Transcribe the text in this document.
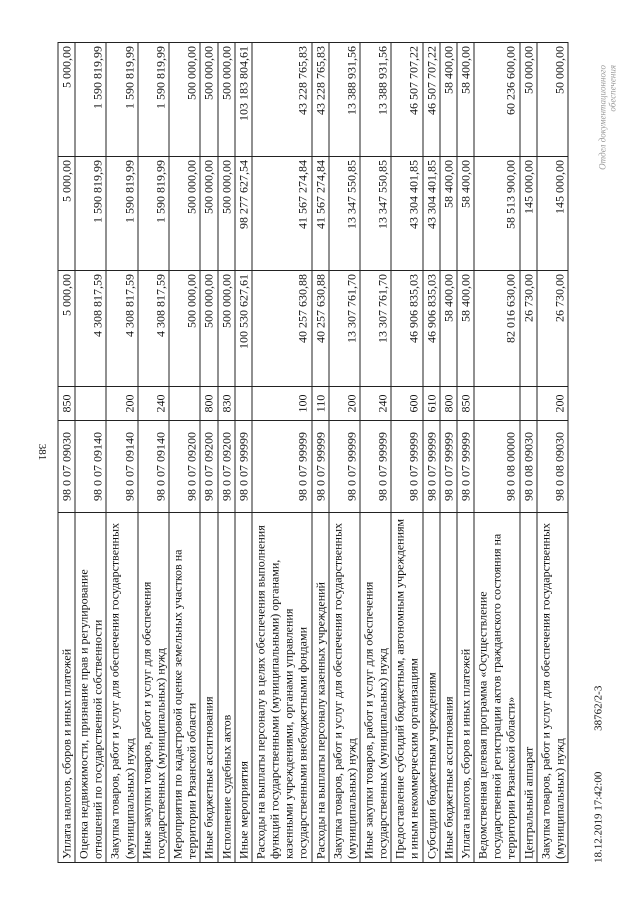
381
Уплата налогов, сборов и иных платежей	98 0 07 09030	850	5 000,00	5 000,00	5 000,00
Оценка недвижимости, признание прав и регулирование отношений по государственной собственности	98 0 07 09140		4 308 817,59	1 590 819,99	1 590 819,99
Закупка товаров, работ и услуг для обеспечения государственных (муниципальных) нужд	98 0 07 09140	200	4 308 817,59	1 590 819,99	1 590 819,99
Иные закупки товаров, работ и услуг для обеспечения государственных (муниципальных) нужд	98 0 07 09140	240	4 308 817,59	1 590 819,99	1 590 819,99
Мероприятия по кадастровой оценке земельных участков на территории Рязанской области	98 0 07 09200		500 000,00	500 000,00	500 000,00
Иные бюджетные ассигнования	98 0 07 09200	800	500 000,00	500 000,00	500 000,00
Исполнение судебных актов	98 0 07 09200	830	500 000,00	500 000,00	500 000,00
Иные мероприятия	98 0 07 99999		100 530 627,61	98 277 627,54	103 183 804,61
Расходы на выплаты персоналу в целях обеспечения выполнения функций государственными (муниципальными) органами, казенными учреждениями, органами управления государственными внебюджетными фондами	98 0 07 99999	100	40 257 630,88	41 567 274,84	43 228 765,83
Расходы на выплаты персоналу казенных учреждений	98 0 07 99999	110	40 257 630,88	41 567 274,84	43 228 765,83
Закупка товаров, работ и услуг для обеспечения государственных (муниципальных) нужд	98 0 07 99999	200	13 307 761,70	13 347 550,85	13 388 931,56
Иные закупки товаров, работ и услуг для обеспечения государственных (муниципальных) нужд	98 0 07 99999	240	13 307 761,70	13 347 550,85	13 388 931,56
Предоставление субсидий бюджетным, автономным учреждениям и иным некоммерческим организациям	98 0 07 99999	600	46 906 835,03	43 304 401,85	46 507 707,22
Субсидии бюджетным учреждениям	98 0 07 99999	610	46 906 835,03	43 304 401,85	46 507 707,22
Иные бюджетные ассигнования	98 0 07 99999	800	58 400,00	58 400,00	58 400,00
Уплата налогов, сборов и иных платежей	98 0 07 99999	850	58 400,00	58 400,00	58 400,00
Ведомственная целевая программа «Осуществление государственной регистрации актов гражданского состояния на территории Рязанской области»	98 0 08 00000		82 016 630,00	58 513 900,00	60 236 600,00
Центральный аппарат	98 0 08 09030		26 730,00	145 000,00	50 000,00
Закупка товаров, работ и услуг для обеспечения государственных (муниципальных) нужд	98 0 08 09030	200	26 730,00	145 000,00	50 000,00
18.12.2019 17:42:00 38762/2-3
Отдел документационного обеспечения
